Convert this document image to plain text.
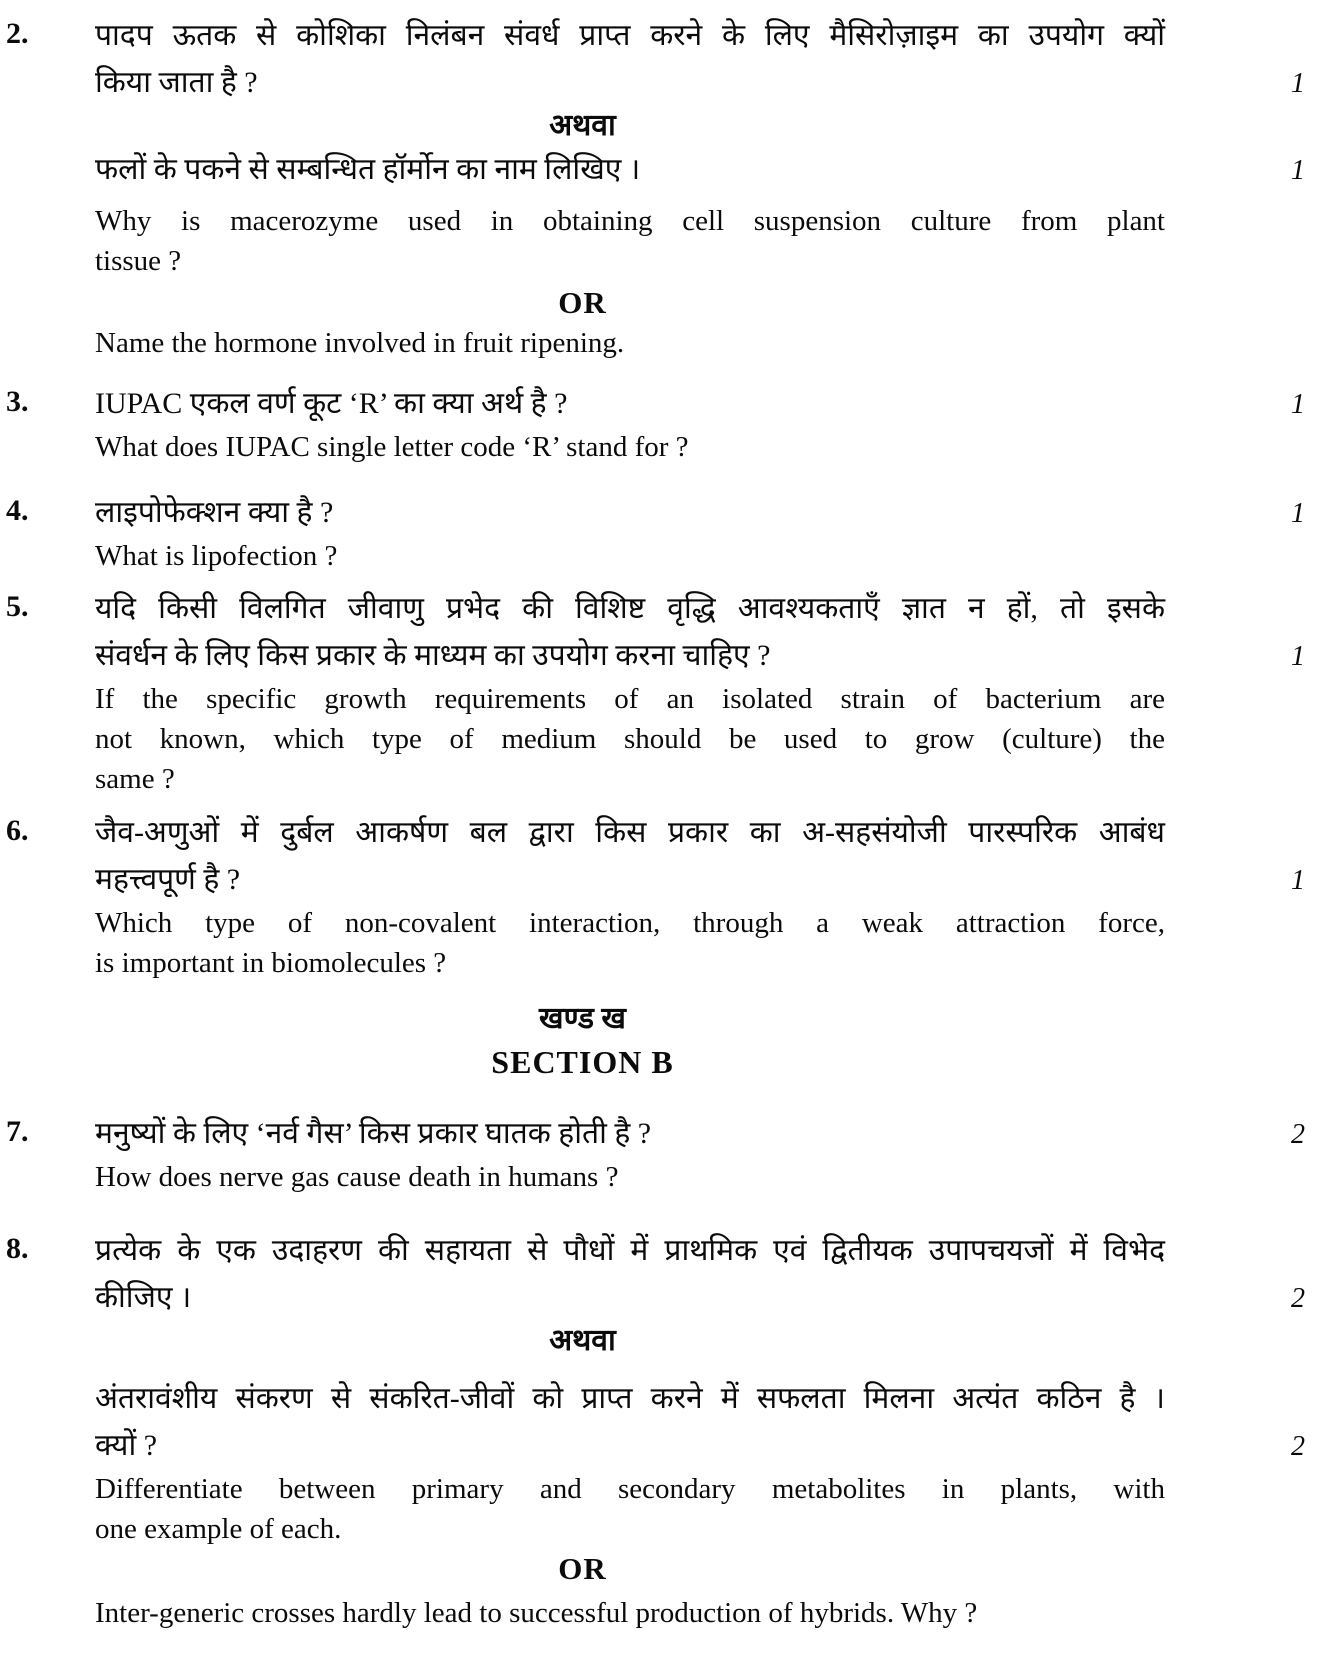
2.	पादप ऊतक से कोशिका निलंबन संवर्ध प्राप्त करने के लिए मैसिरोज़ाइम का उपयोग क्यों
किया जाता है ?	1
अथवा
फलों के पकने से सम्बन्धित हॉर्मोन का नाम लिखिए ।	1
Why is macerozyme used in obtaining cell suspension culture from plant
tissue ?
OR
Name the hormone involved in fruit ripening.
3.	IUPAC एकल वर्ण कूट ‘R’ का क्या अर्थ है ?	1
What does IUPAC single letter code ‘R’ stand for ?
4.	लाइपोफेक्शन क्या है ?	1
What is lipofection ?
5.	यदि किसी विलगित जीवाणु प्रभेद की विशिष्ट वृद्धि आवश्यकताएँ ज्ञात न हों, तो इसके
संवर्धन के लिए किस प्रकार के माध्यम का उपयोग करना चाहिए ?	1
If the specific growth requirements of an isolated strain of bacterium are
not known, which type of medium should be used to grow (culture) the
same ?
6.	जैव-अणुओं में दुर्बल आकर्षण बल द्वारा किस प्रकार का अ-सहसंयोजी पारस्परिक आबंध
महत्त्वपूर्ण है ?	1
Which type of non-covalent interaction, through a weak attraction force,
is important in biomolecules ?
खण्ड ख
SECTION B
7.	मनुष्यों के लिए ‘नर्व गैस’ किस प्रकार घातक होती है ?	2
How does nerve gas cause death in humans ?
8.	प्रत्येक के एक उदाहरण की सहायता से पौधों में प्राथमिक एवं द्वितीयक उपापचयजों में विभेद
कीजिए ।	2
अथवा
अंतरावंशीय संकरण से संकरित-जीवों को प्राप्त करने में सफलता मिलना अत्यंत कठिन है ।
क्यों ?	2
Differentiate between primary and secondary metabolites in plants, with
one example of each.
OR
Inter-generic crosses hardly lead to successful production of hybrids. Why ?
